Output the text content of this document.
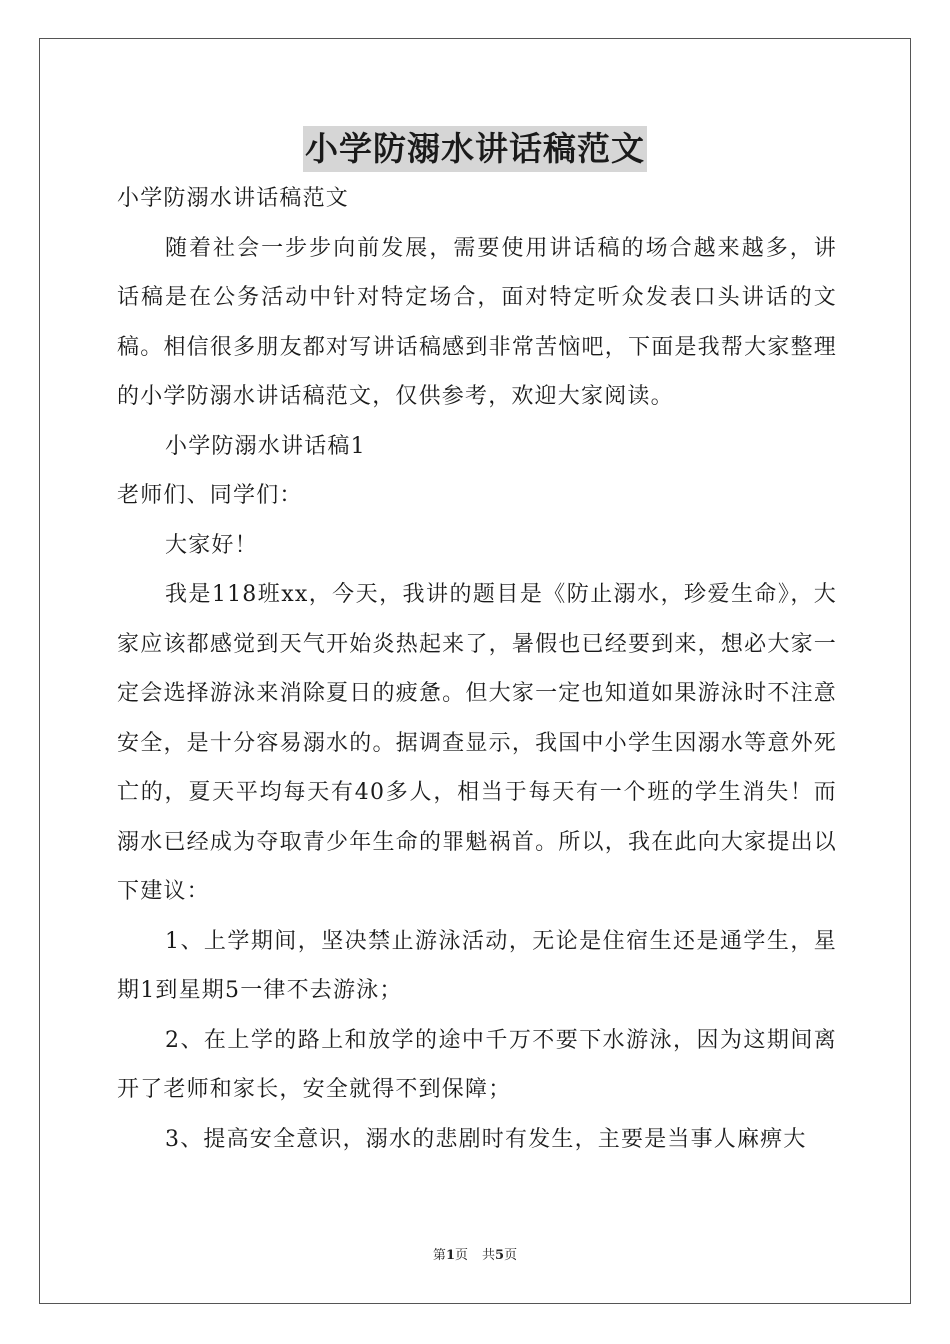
小学防溺水讲话稿范文

小学防溺水讲话稿范文

随着社会一步步向前发展，需要使用讲话稿的场合越来越多，讲话稿是在公务活动中针对特定场合，面对特定听众发表口头讲话的文稿。相信很多朋友都对写讲话稿感到非常苦恼吧，下面是我帮大家整理的小学防溺水讲话稿范文，仅供参考，欢迎大家阅读。

小学防溺水讲话稿1

老师们、同学们：

大家好！

我是118班xx，今天，我讲的题目是《防止溺水，珍爱生命》，大家应该都感觉到天气开始炎热起来了，暑假也已经要到来，想必大家一定会选择游泳来消除夏日的疲惫。但大家一定也知道如果游泳时不注意安全，是十分容易溺水的。据调查显示，我国中小学生因溺水等意外死亡的，夏天平均每天有40多人，相当于每天有一个班的学生消失！而溺水已经成为夺取青少年生命的罪魁祸首。所以，我在此向大家提出以下建议：

1、上学期间，坚决禁止游泳活动，无论是住宿生还是通学生，星期1到星期5一律不去游泳；

2、在上学的路上和放学的途中千万不要下水游泳，因为这期间离开了老师和家长，安全就得不到保障；

3、提高安全意识，溺水的悲剧时有发生，主要是当事人麻痹大

第1页 共5页
